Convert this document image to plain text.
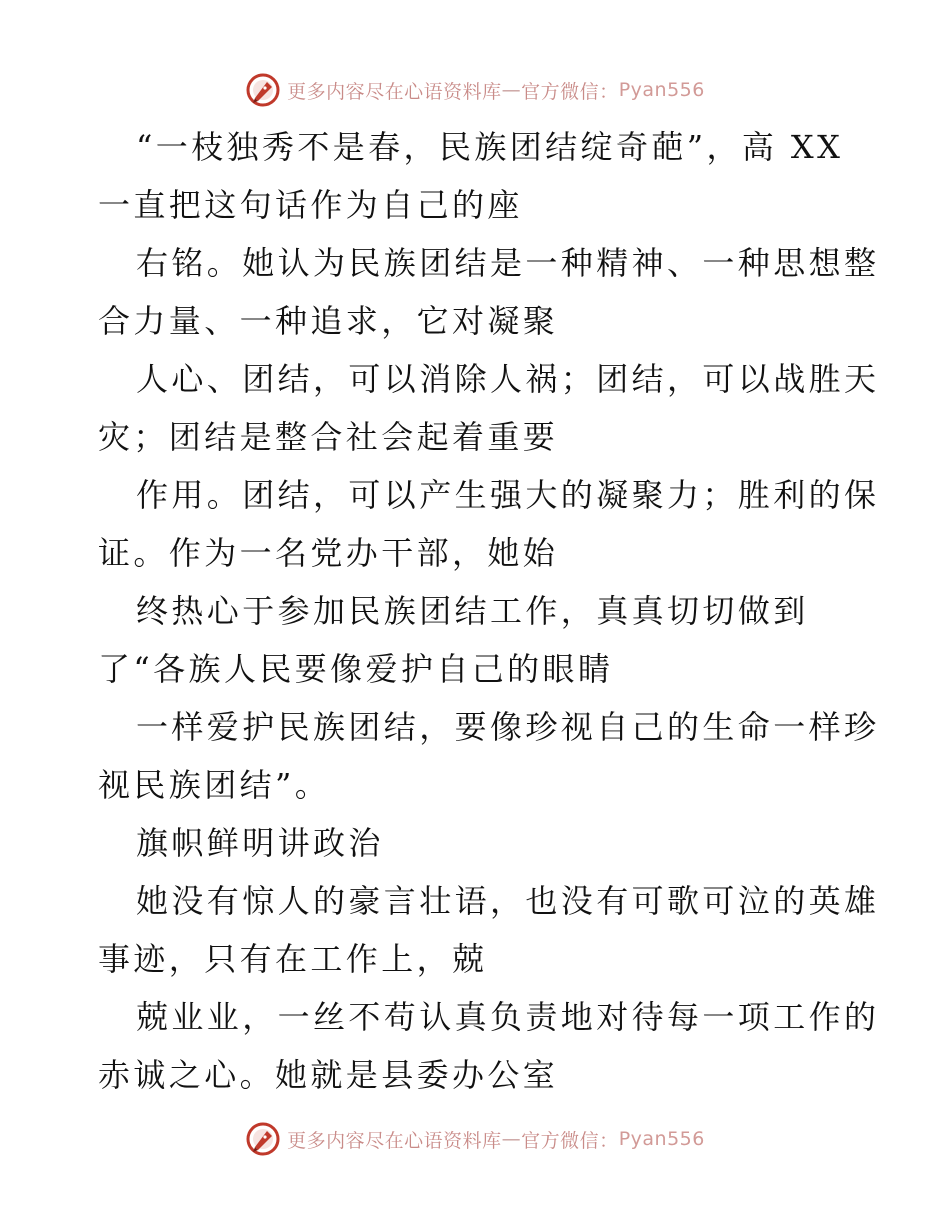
更多内容尽在心语资料库 — 官方微信： Pyan556
“一枝独秀不是春，民族团结绽奇葩”，高 XX
一直把这句话作为自己的座
右铭。她认为民族团结是一种精神、一种思想整
合力量、一种追求，它对凝聚
人心、团结，可以消除人祸；团结，可以战胜天
灾；团结是整合社会起着重要
作用。团结，可以产生强大的凝聚力；胜利的保
证。作为一名党办干部，她始
终热心于参加民族团结工作，真真切切做到
了“各族人民要像爱护自己的眼睛
一样爱护民族团结，要像珍视自己的生命一样珍
视民族团结”。
旗帜鲜明讲政治
她没有惊人的豪言壮语，也没有可歌可泣的英雄
事迹，只有在工作上，兢
兢业业，一丝不苟认真负责地对待每一项工作的
赤诚之心。她就是县委办公室
更多内容尽在心语资料库 — 官方微信： Pyan556
